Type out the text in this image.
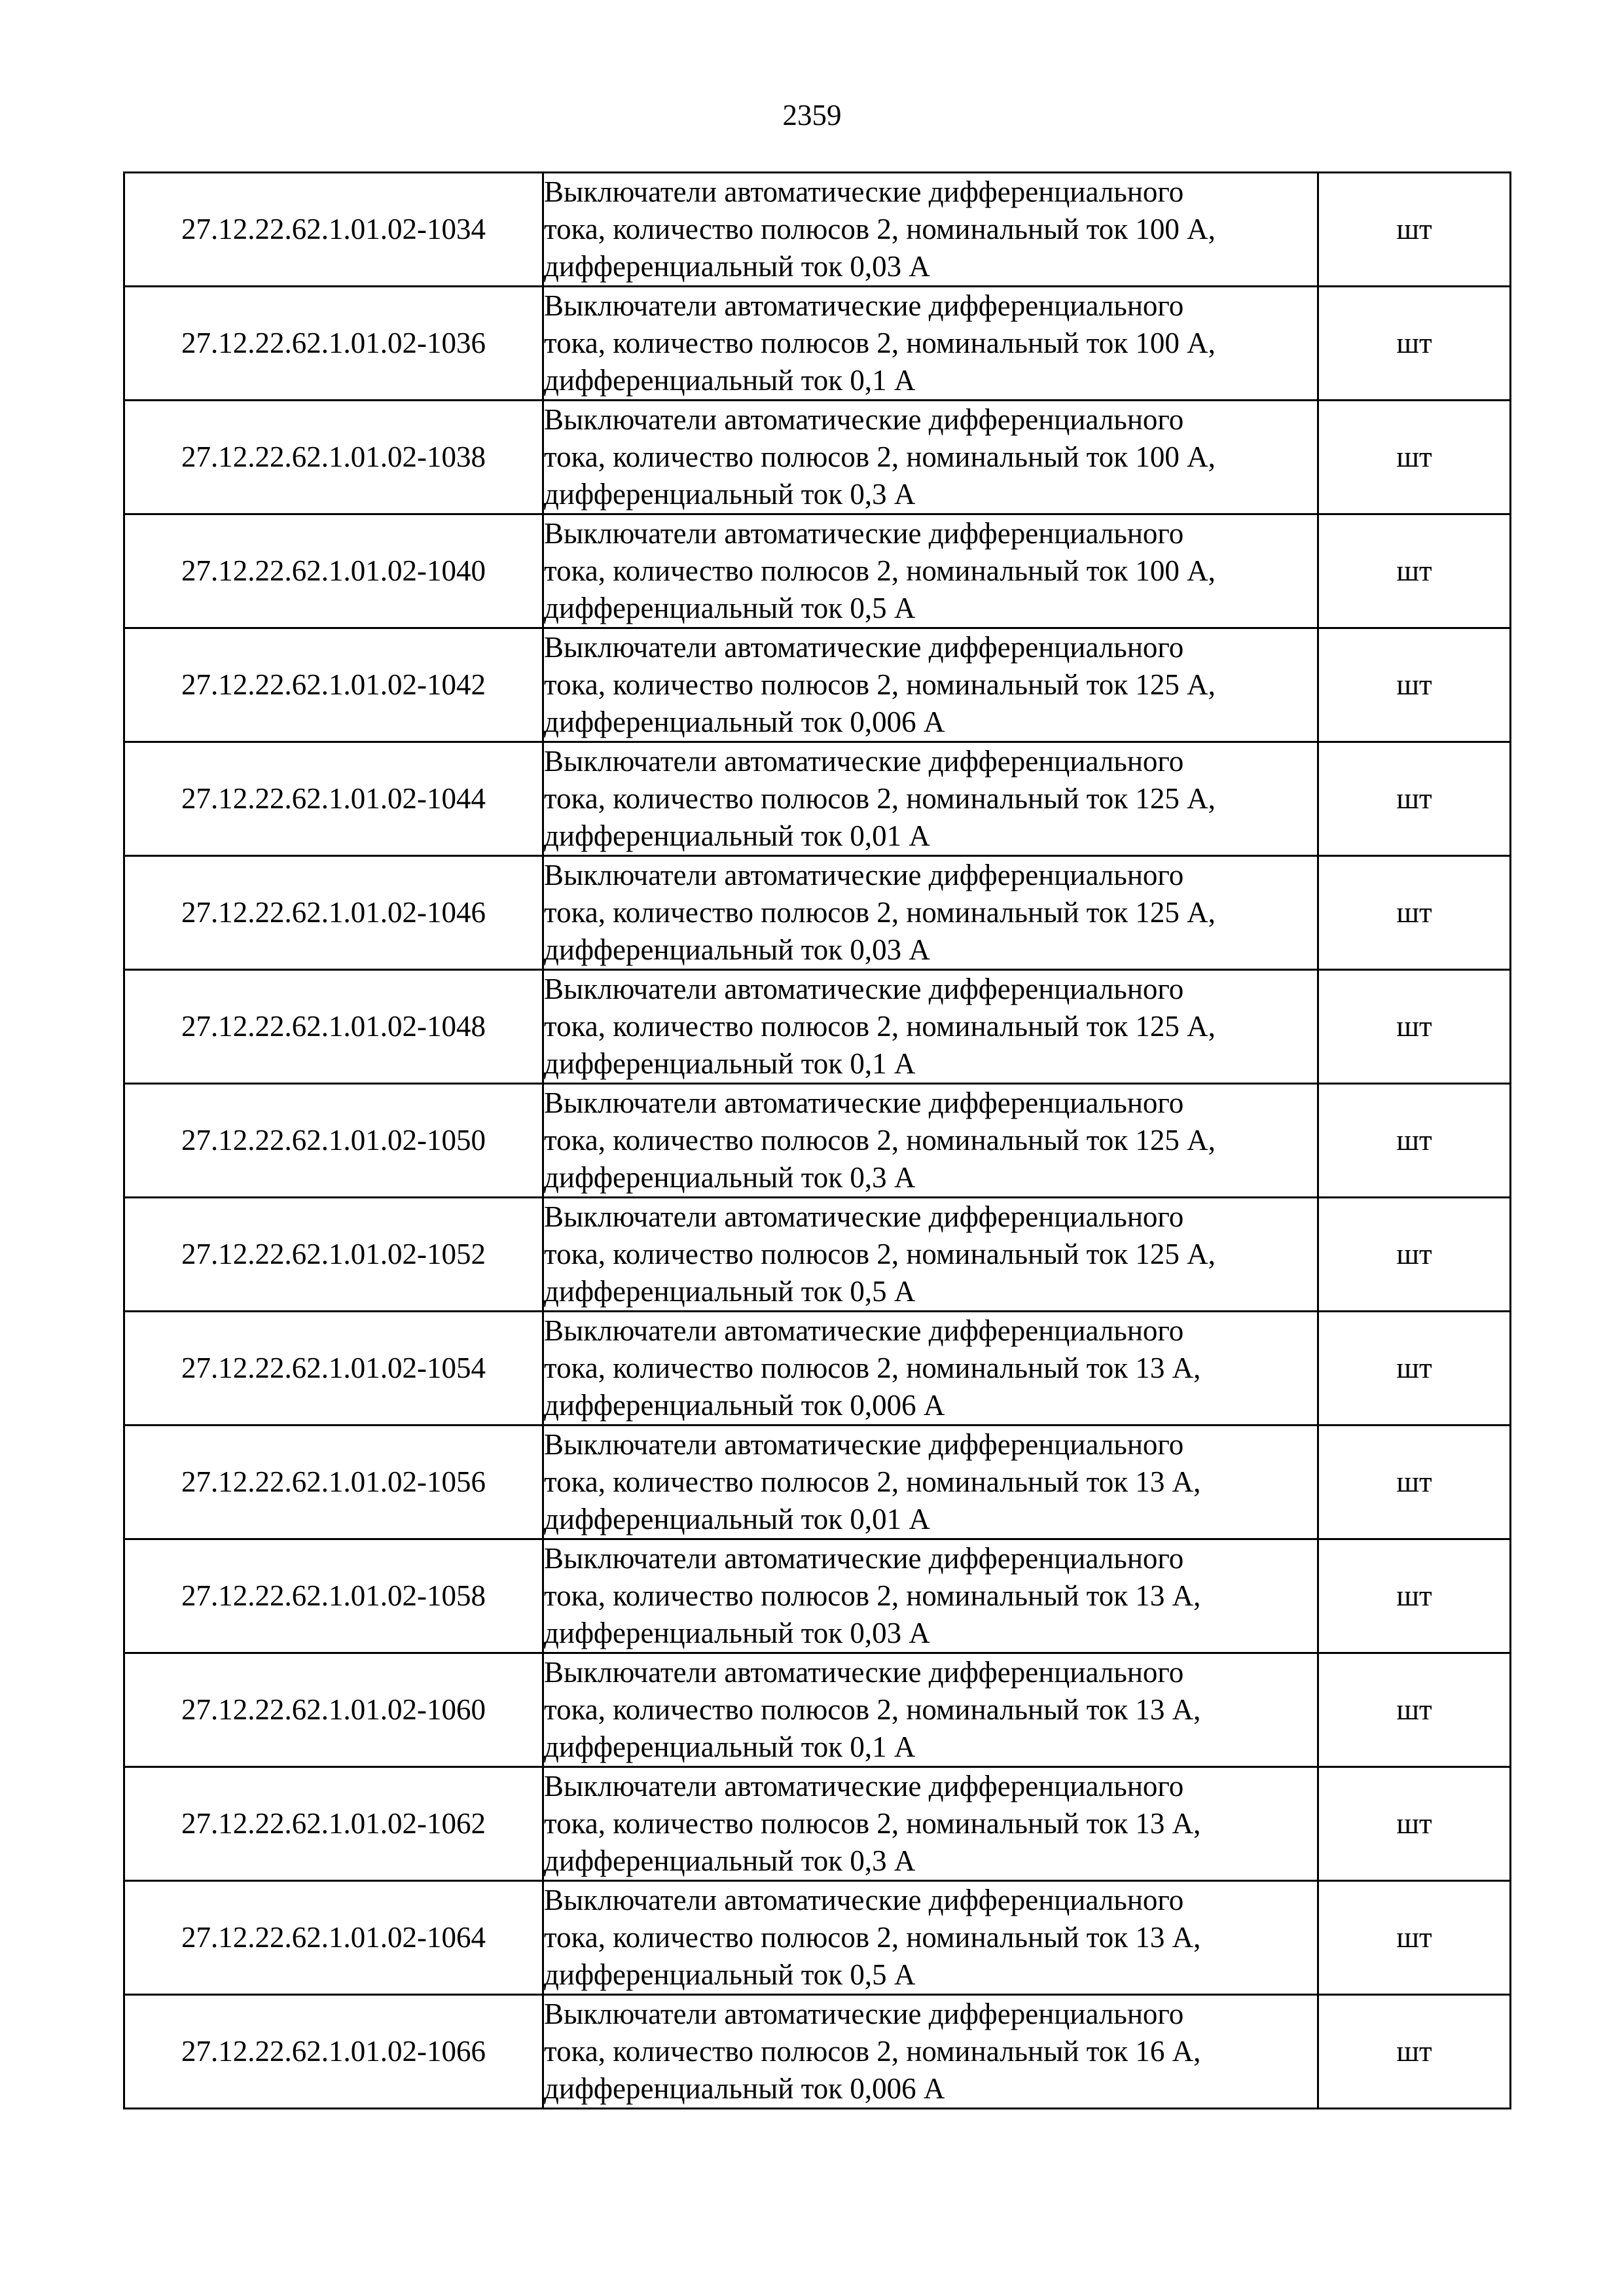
2359
27.12.22.62.1.01.02-1034	Выключатели автоматические дифференциального
тока, количество полюсов 2, номинальный ток 100 А,
дифференциальный ток 0,03 А	шт
27.12.22.62.1.01.02-1036	Выключатели автоматические дифференциального
тока, количество полюсов 2, номинальный ток 100 А,
дифференциальный ток 0,1 А	шт
27.12.22.62.1.01.02-1038	Выключатели автоматические дифференциального
тока, количество полюсов 2, номинальный ток 100 А,
дифференциальный ток 0,3 А	шт
27.12.22.62.1.01.02-1040	Выключатели автоматические дифференциального
тока, количество полюсов 2, номинальный ток 100 А,
дифференциальный ток 0,5 А	шт
27.12.22.62.1.01.02-1042	Выключатели автоматические дифференциального
тока, количество полюсов 2, номинальный ток 125 А,
дифференциальный ток 0,006 А	шт
27.12.22.62.1.01.02-1044	Выключатели автоматические дифференциального
тока, количество полюсов 2, номинальный ток 125 А,
дифференциальный ток 0,01 А	шт
27.12.22.62.1.01.02-1046	Выключатели автоматические дифференциального
тока, количество полюсов 2, номинальный ток 125 А,
дифференциальный ток 0,03 А	шт
27.12.22.62.1.01.02-1048	Выключатели автоматические дифференциального
тока, количество полюсов 2, номинальный ток 125 А,
дифференциальный ток 0,1 А	шт
27.12.22.62.1.01.02-1050	Выключатели автоматические дифференциального
тока, количество полюсов 2, номинальный ток 125 А,
дифференциальный ток 0,3 А	шт
27.12.22.62.1.01.02-1052	Выключатели автоматические дифференциального
тока, количество полюсов 2, номинальный ток 125 А,
дифференциальный ток 0,5 А	шт
27.12.22.62.1.01.02-1054	Выключатели автоматические дифференциального
тока, количество полюсов 2, номинальный ток 13 А,
дифференциальный ток 0,006 А	шт
27.12.22.62.1.01.02-1056	Выключатели автоматические дифференциального
тока, количество полюсов 2, номинальный ток 13 А,
дифференциальный ток 0,01 А	шт
27.12.22.62.1.01.02-1058	Выключатели автоматические дифференциального
тока, количество полюсов 2, номинальный ток 13 А,
дифференциальный ток 0,03 А	шт
27.12.22.62.1.01.02-1060	Выключатели автоматические дифференциального
тока, количество полюсов 2, номинальный ток 13 А,
дифференциальный ток 0,1 А	шт
27.12.22.62.1.01.02-1062	Выключатели автоматические дифференциального
тока, количество полюсов 2, номинальный ток 13 А,
дифференциальный ток 0,3 А	шт
27.12.22.62.1.01.02-1064	Выключатели автоматические дифференциального
тока, количество полюсов 2, номинальный ток 13 А,
дифференциальный ток 0,5 А	шт
27.12.22.62.1.01.02-1066	Выключатели автоматические дифференциального
тока, количество полюсов 2, номинальный ток 16 А,
дифференциальный ток 0,006 А	шт
